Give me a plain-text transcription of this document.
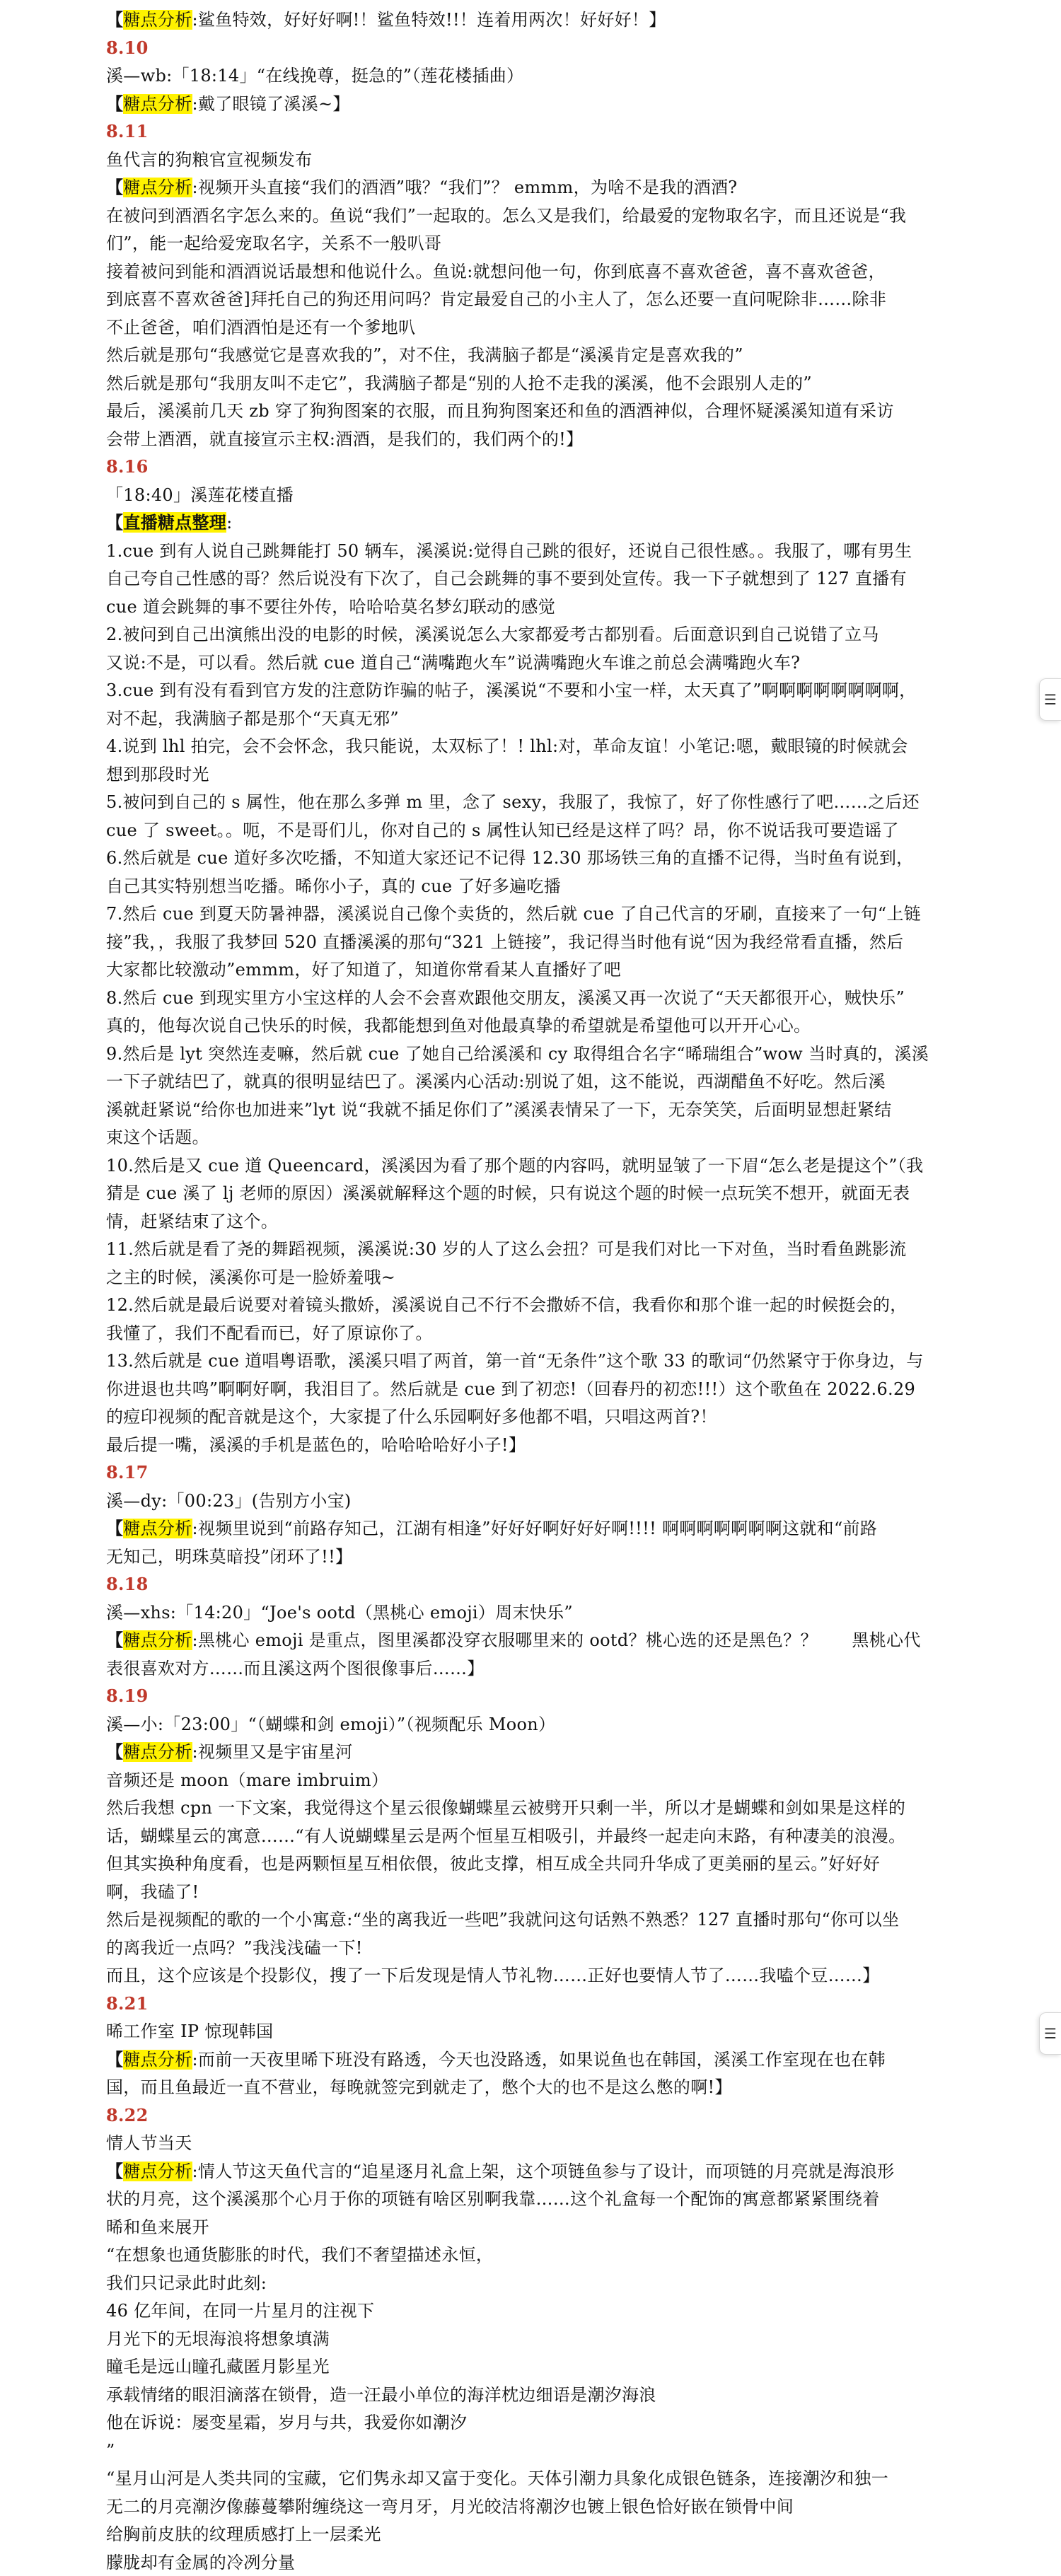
【糖点分析:鲨鱼特效，好好好啊!！鲨鱼特效!!！连着用两次！好好好！】
8.10
溪—wb:「18:14」“在线挽尊，挺急的”（莲花楼插曲）
【糖点分析:戴了眼镜了溪溪~】
8.11
鱼代言的狗粮官宣视频发布
【糖点分析:视频开头直接“我们的酒酒”哦？“我们”？ emmm，为啥不是我的酒酒?
在被问到酒酒名字怎么来的。鱼说“我们”一起取的。怎么又是我们，给最爱的宠物取名字，而且还说是“我
们”，能一起给爱宠取名字，关系不一般叭哥
接着被问到能和酒酒说话最想和他说什么。鱼说:就想问他一句，你到底喜不喜欢爸爸，喜不喜欢爸爸，
到底喜不喜欢爸爸]拜托自己的狗还用问吗？肯定最爱自己的小主人了，怎么还要一直问呢除非……除非
不止爸爸，咱们酒酒怕是还有一个爹地叭
然后就是那句“我感觉它是喜欢我的”，对不住，我满脑子都是“溪溪肯定是喜欢我的”
然后就是那句“我朋友叫不走它”，我满脑子都是“别的人抢不走我的溪溪，他不会跟别人走的”
最后，溪溪前几天 zb 穿了狗狗图案的衣服，而且狗狗图案还和鱼的酒酒神似，合理怀疑溪溪知道有采访
会带上酒酒，就直接宣示主权:酒酒，是我们的，我们两个的!】
8.16
「18:40」溪莲花楼直播
【直播糖点整理:
1.cue 到有人说自己跳舞能打 50 辆车，溪溪说:觉得自己跳的很好，还说自己很性感。。我服了，哪有男生
自己夸自己性感的哥？然后说没有下次了，自己会跳舞的事不要到处宣传。我一下子就想到了 127 直播有
cue 道会跳舞的事不要往外传，哈哈哈莫名梦幻联动的感觉
2.被问到自己出演熊出没的电影的时候，溪溪说怎么大家都爱考古都别看。后面意识到自己说错了立马
又说:不是，可以看。然后就 cue 道自己“满嘴跑火车”说满嘴跑火车谁之前总会满嘴跑火车?
3.cue 到有没有看到官方发的注意防诈骗的帖子，溪溪说“不要和小宝一样，太天真了”啊啊啊啊啊啊啊啊，
对不起，我满脑子都是那个“天真无邪”
4.说到 lhl 拍完，会不会怀念，我只能说，太双标了！! lhl:对，革命友谊！小笔记:嗯，戴眼镜的时候就会
想到那段时光
5.被问到自己的 s 属性，他在那么多弹 m 里，念了 sexy，我服了，我惊了，好了你性感行了吧……之后还
cue 了 sweet。。呃，不是哥们儿，你对自己的 s 属性认知已经是这样了吗？昂，你不说话我可要造谣了
6.然后就是 cue 道好多次吃播，不知道大家还记不记得 12.30 那场铁三角的直播不记得，当时鱼有说到，
自己其实特别想当吃播。晞你小子，真的 cue 了好多遍吃播
7.然后 cue 到夏天防暑神器，溪溪说自己像个卖货的，然后就 cue 了自己代言的牙刷，直接来了一句“上链
接”我，，我服了我梦回 520 直播溪溪的那句“321 上链接”，我记得当时他有说“因为我经常看直播，然后
大家都比较激动”emmm，好了知道了，知道你常看某人直播好了吧
8.然后 cue 到现实里方小宝这样的人会不会喜欢跟他交朋友，溪溪又再一次说了“天天都很开心，贼快乐”
真的，他每次说自己快乐的时候，我都能想到鱼对他最真挚的希望就是希望他可以开开心心。
9.然后是 lyt 突然连麦嘛，然后就 cue 了她自己给溪溪和 cy 取得组合名字“晞瑞组合”wow 当时真的，溪溪
一下子就结巴了，就真的很明显结巴了。溪溪内心活动:别说了姐，这不能说，西湖醋鱼不好吃。然后溪
溪就赶紧说“给你也加进来”lyt 说“我就不插足你们了”溪溪表情呆了一下，无奈笑笑，后面明显想赶紧结
束这个话题。
10.然后是又 cue 道 Queencard，溪溪因为看了那个题的内容吗，就明显皱了一下眉“怎么老是提这个”（我
猜是 cue 溪了 lj 老师的原因）溪溪就解释这个题的时候，只有说这个题的时候一点玩笑不想开，就面无表
情，赶紧结束了这个。
11.然后就是看了尧的舞蹈视频，溪溪说:30 岁的人了这么会扭？可是我们对比一下对鱼，当时看鱼跳影流
之主的时候，溪溪你可是一脸娇羞哦~
12.然后就是最后说要对着镜头撒娇，溪溪说自己不行不会撒娇不信，我看你和那个谁一起的时候挺会的，
我懂了，我们不配看而已，好了原谅你了。
13.然后就是 cue 道唱粤语歌，溪溪只唱了两首，第一首“无条件”这个歌 33 的歌词“仍然紧守于你身边，与
你进退也共鸣”啊啊好啊，我泪目了。然后就是 cue 到了初恋!（回春丹的初恋!!!）这个歌鱼在 2022.6.29
的痘印视频的配音就是这个，大家提了什么乐园啊好多他都不唱，只唱这两首?！
最后提一嘴，溪溪的手机是蓝色的，哈哈哈哈好小子!】
8.17
溪—dy:「00:23」(告别方小宝)
【糖点分析:视频里说到“前路存知己，江湖有相逢”好好好啊好好好啊!!!! 啊啊啊啊啊啊啊这就和“前路
无知己，明珠莫暗投”闭环了!!】
8.18
溪—xhs:「14:20」“Joe's ootd（黑桃心 emoji）周末快乐”
【糖点分析:黑桃心 emoji 是重点，图里溪都没穿衣服哪里来的 ootd？桃心选的还是黑色？？　　黑桃心代
表很喜欢对方……而且溪这两个图很像事后……】
8.19
溪—小:「23:00」“（蝴蝶和剑 emoji）”（视频配乐 Moon）
【糖点分析:视频里又是宇宙星河
音频还是 moon（mare imbruim）
然后我想 cpn 一下文案，我觉得这个星云很像蝴蝶星云被劈开只剩一半，所以才是蝴蝶和剑如果是这样的
话，蝴蝶星云的寓意……“有人说蝴蝶星云是两个恒星互相吸引，并最终一起走向末路，有种凄美的浪漫。
但其实换种角度看，也是两颗恒星互相依偎，彼此支撑，相互成全共同升华成了更美丽的星云。”好好好
啊，我磕了!
然后是视频配的歌的一个小寓意:“坐的离我近一些吧”我就问这句话熟不熟悉？127 直播时那句“你可以坐
的离我近一点吗？”我浅浅磕一下!
而且，这个应该是个投影仪，搜了一下后发现是情人节礼物……正好也要情人节了……我嗑个豆……】
8.21
晞工作室 IP 惊现韩国
【糖点分析:而前一天夜里晞下班没有路透，今天也没路透，如果说鱼也在韩国，溪溪工作室现在也在韩
国，而且鱼最近一直不营业，每晚就签完到就走了，憋个大的也不是这么憋的啊!】
8.22
情人节当天
【糖点分析:情人节这天鱼代言的“追星逐月礼盒上架，这个项链鱼参与了设计，而项链的月亮就是海浪形
状的月亮，这个溪溪那个心月于你的项链有啥区别啊我靠……这个礼盒每一个配饰的寓意都紧紧围绕着
晞和鱼来展开
“在想象也通货膨胀的时代，我们不奢望描述永恒，
我们只记录此时此刻:
46 亿年间，在同一片星月的注视下
月光下的无垠海浪将想象填满
瞳毛是远山瞳孔藏匿月影星光
承载情绪的眼泪滴落在锁骨，造一汪最小单位的海洋枕边细语是潮汐海浪
他在诉说：屡变星霜，岁月与共，我爱你如潮汐
”
“星月山河是人类共同的宝藏，它们隽永却又富于变化。天体引潮力具象化成银色链条，连接潮汐和独一
无二的月亮潮汐像藤蔓攀附缠绕这一弯月牙，月光皎洁将潮汐也镀上银色恰好嵌在锁骨中间
给胸前皮肤的纹理质感打上一层柔光
朦胧却有金属的冷冽分量
☰
☰
